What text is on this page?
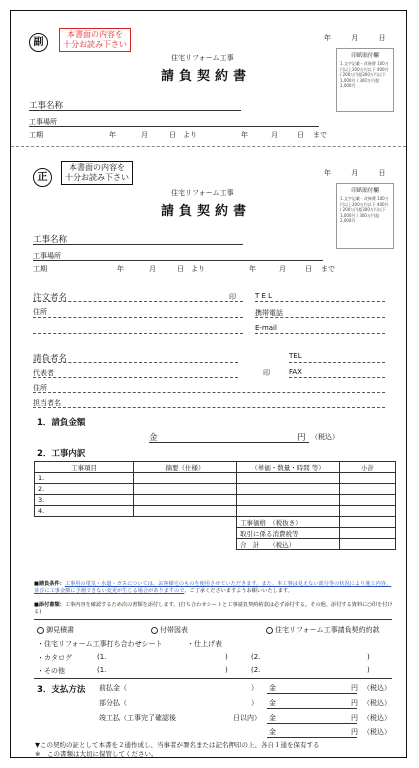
副
本書面の内容を
十分お読み下さい
年	月	日
住宅リフォーム工事
請負契約書
印紙貼付欄
1.文字記載・改修費 100万円以上200万円以下 400円 / 200万円超300万円以下 1,000円 / 300万円超 2,000円
工事名称
工事場所
工期	年	月	日 より	年	月	日 まで
正
本書面の内容を
十分お読み下さい	年	月	日
住宅リフォーム工事
請負契約書
印紙貼付欄
1.文字記載・改修費 100万円以上200万円以下 400円 / 200万円超300万円以下 1,000円 / 300万円超 2,000円
工事名称
工事場所
工期	年	月	日 より	年	月	日 まで
注文者名	印	T E L
住所	携帯電話
E-mail
請負者名	TEL
代表者	印	FAX
住所
担当者名
1．請負金額
金	円 （税込）
2．工事内訳
工事項目	摘要（仕様）	（単価・数量・時間 等）	小計
1.			
2.			
3.			
4.			
		工事価格　（税抜き）	
		取引に係る消費税等	
		合　計　　（税込）	
■請負条件：工事用の電気・水道・ガスについては、お客様宅のものを使用させていただきます。また、本工事は見えない部分等の状況により施工内容、並びに工事金額に予測できない変更が生じる場合がありますので、ご了承くださいますようお願いいたします。
■添付書類：工事内容を確認するため次の書類を添付します。(打ち合わせシートと工事請負契約約款は必ず添付する。その他、添付する資料に○印を付ける)
御見積書	付帯図表	住宅リフォーム工事請負契約約款
・住宅リフォーム工事打ち合わせシート	・仕上げ表
・カタログ	(1.	)	(2.	)
・その他	(1.	)	(2.	)
3．支払方法 前払金（	） 金	円 （税込）
部分払（	） 金	円 （税込）
竣工払（工事完了確認後	日以内） 金	円 （税込）
金	円 （税込）
▼この契約の証として本書を２通作成し、当事者が署名または記名押印の上、各自１通を保有する
※　この書類は大切に保管してください。
